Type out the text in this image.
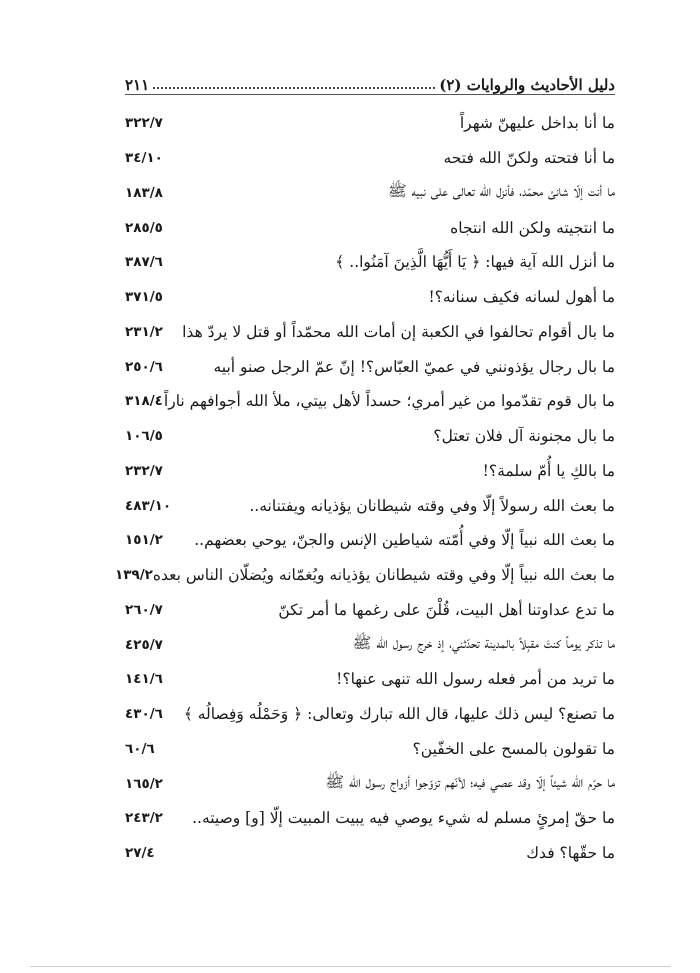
دليل الأحاديث والروايات (٢)
٢١١
ما أنا بداخل عليهنّ شهراً
٣٢٢/٧
ما أنا فتحته ولكنّ الله فتحه
٣٤/١٠
ما أنت إلّا شانئ محمّد، فأنزل الله تعالى على نبيه ﷺ
١٨٣/٨
ما انتجيته ولكن الله انتجاه
٢٨٥/٥
ما أنزل الله آية فيها: ﴿ يَا أَيُّهَا الَّذِينَ آمَنُوا.. ﴾
٣٨٧/٦
ما أهول لسانه فكيف سنانه؟!
٣٧١/٥
ما بال أقوام تحالفوا في الكعبة إن أمات الله محمّداً أو قتل لا يردّ هذا
٢٣١/٢
ما بال رجال يؤذونني في عميّ العبّاس؟! إنّ عمّ الرجل صنو أبيه
٢٥٠/٦
ما بال قوم تقدّموا من غير أمري؛ حسداً لأهل بيتي، ملأ الله أجوافهم ناراً
٣١٨/٤
ما بال مجنونة آل فلان تعتل؟
١٠٦/٥
ما بالكِ يا أُمّ سلمة؟!
٢٣٢/٧
ما بعث الله رسولاً إلّا وفي وقته شيطانان يؤذيانه ويفتنانه..
٤٨٣/١٠
ما بعث الله نبياً إلّا وفي أُمّته شياطين الإنس والجنّ، يوحي بعضهم..
١٥١/٢
ما بعث الله نبياً إلّا وفي وقته شيطانان يؤذيانه ويُغمّانه ويُضلّان الناس بعده
١٣٩/٢
ما تدع عداوتنا أهل البيت، قُلْنَ على رغمها ما أمر تكنّ
٢٦٠/٧
ما تذكر يوماً كنتَ مقبِلاً بالمدينة تحدّثني، إذ خرج رسول الله ﷺ
٤٢٥/٧
ما تريد من أمر فعله رسول الله تنهى عنها؟!
١٤١/٦
ما تصنع؟ ليس ذلك عليها، قال الله تبارك وتعالى: ﴿ وَحَمْلُه وَفِصالُه ﴾
٤٣٠/٦
ما تقولون بالمسح على الخفّين؟
٦٠/٦
ما حرّم الله شيئاً إلّا وقد عصي فيه؛ لأنّهم تزوّجوا أزواج رسول الله ﷺ
١٦٥/٢
ما حقّ إمرئٍ مسلم له شيء يوصي فيه يبيت المبيت إلّا [و] وصيته..
٢٤٣/٢
ما حقّها؟ فدك
٢٧/٤
